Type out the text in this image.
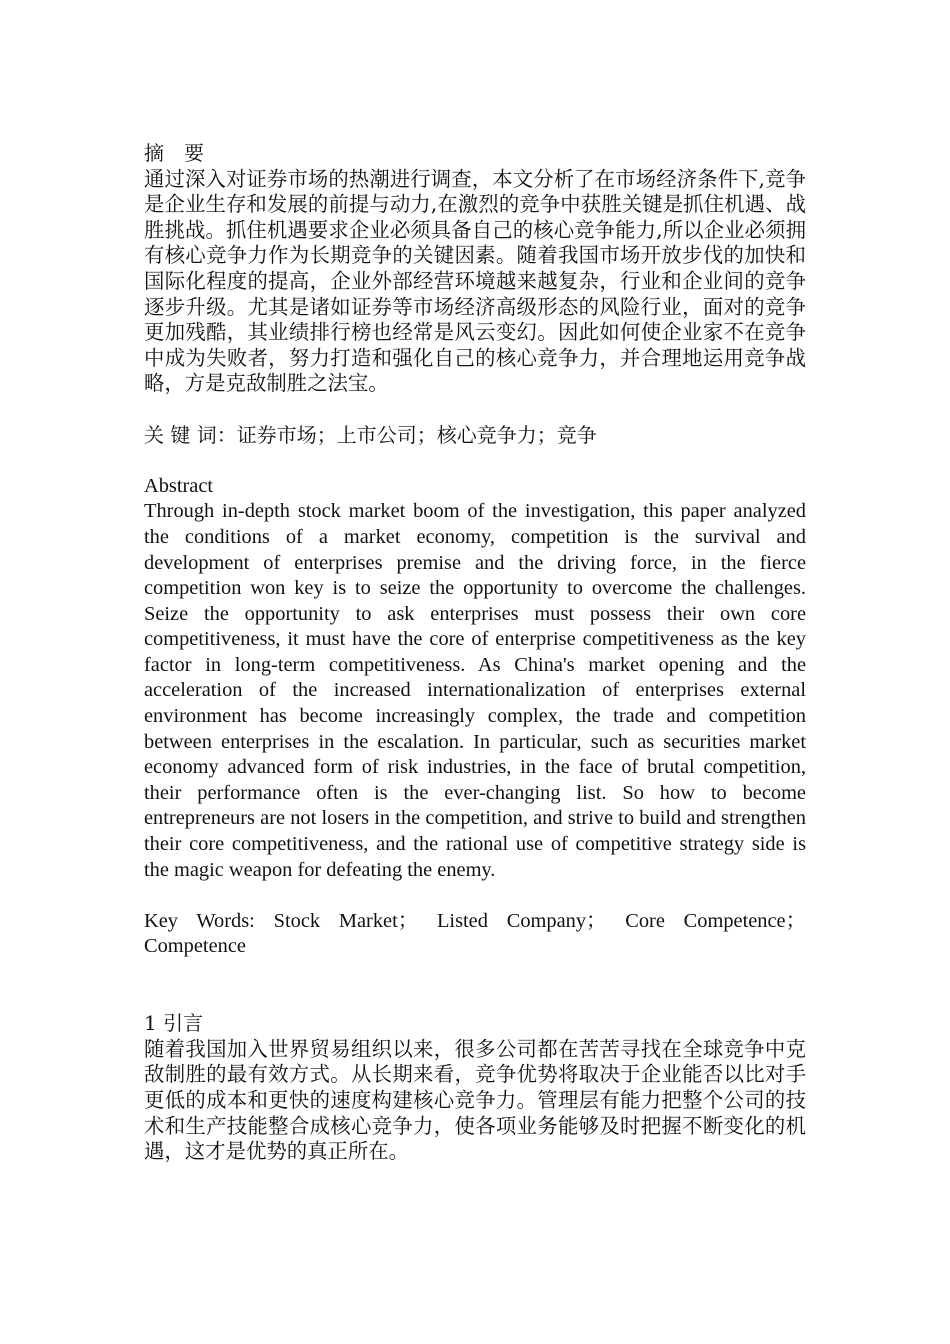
摘　要

通过深入对证券市场的热潮进行调查，本文分析了在市场经济条件下,竞争是企业生存和发展的前提与动力,在激烈的竞争中获胜关键是抓住机遇、战胜挑战。抓住机遇要求企业必须具备自己的核心竞争能力,所以企业必须拥有核心竞争力作为长期竞争的关键因素。随着我国市场开放步伐的加快和国际化程度的提高，企业外部经营环境越来越复杂，行业和企业间的竞争逐步升级。尤其是诸如证券等市场经济高级形态的风险行业，面对的竞争更加残酷，其业绩排行榜也经常是风云变幻。因此如何使企业家不在竞争中成为失败者，努力打造和强化自己的核心竞争力，并合理地运用竞争战略，方是克敌制胜之法宝。

关 键 词：证券市场；上市公司；核心竞争力；竞争

Abstract

Through in-depth stock market boom of the investigation, this paper analyzed the conditions of a market economy, competition is the survival and development of enterprises premise and the driving force, in the fierce competition won key is to seize the opportunity to overcome the challenges. Seize the opportunity to ask enterprises must possess their own core competitiveness, it must have the core of enterprise competitiveness as the key factor in long-term competitiveness. As China's market opening and the acceleration of the increased internationalization of enterprises external environment has become increasingly complex, the trade and competition between enterprises in the escalation. In particular, such as securities market economy advanced form of risk industries, in the face of brutal competition, their performance often is the ever-changing list. So how to become entrepreneurs are not losers in the competition, and strive to build and strengthen their core competitiveness, and the rational use of competitive strategy side is the magic weapon for defeating the enemy.

Key Words: Stock Market； Listed Company； Core Competence；Competence

1 引言

随着我国加入世界贸易组织以来，很多公司都在苦苦寻找在全球竞争中克敌制胜的最有效方式。从长期来看，竞争优势将取决于企业能否以比对手更低的成本和更快的速度构建核心竞争力。管理层有能力把整个公司的技术和生产技能整合成核心竞争力，使各项业务能够及时把握不断变化的机遇，这才是优势的真正所在。
